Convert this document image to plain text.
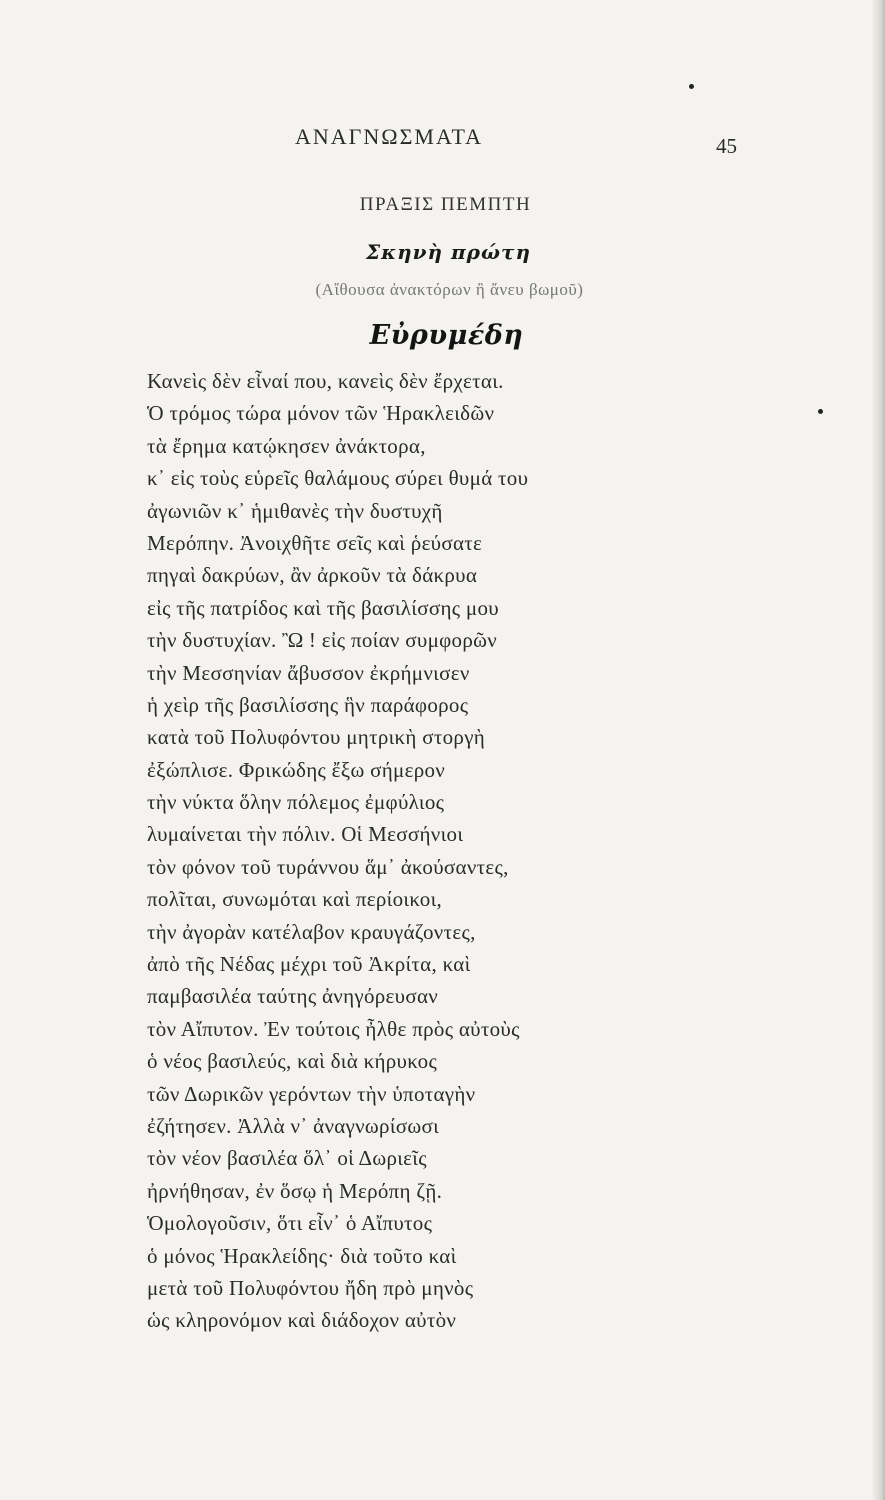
ΑΝΑΓΝΩΣΜΑΤΑ	45
ΠΡΑΞΙΣ ΠΕΜΠΤΗ
Σκηνὴ πρώτη
(Αἴθουσα ἀνακτόρων ἢ ἄνευ βωμοῦ)
Εὐρυμέδη
Κανεὶς δὲν εἶναί που, κανεὶς δὲν ἔρχεται.
Ὁ τρόμος τώρα μόνον τῶν Ἡρακλειδῶν
τὰ ἔρημα κατῴκησεν ἀνάκτορα,
κ᾿ εἰς τοὺς εὑρεῖς θαλάμους σύρει θυμά του
ἀγωνιῶν κ᾿ ἡμιθανὲς τὴν δυστυχῆ
Μερόπην. Ἀνοιχθῆτε σεῖς καὶ ῥεύσατε
πηγαὶ δακρύων, ἂν ἀρκοῦν τὰ δάκρυα
εἰς τῆς πατρίδος καὶ τῆς βασιλίσσης μου
τὴν δυστυχίαν. Ὢ ! εἰς ποίαν συμφορῶν
τὴν Μεσσηνίαν ἄβυσσον ἐκρήμνισεν
ἡ χεὶρ τῆς βασιλίσσης ἣν παράφορος
κατὰ τοῦ Πολυφόντου μητρικὴ στοργὴ
ἐξώπλισε. Φρικώδης ἔξω σήμερον
τὴν νύκτα ὅλην πόλεμος ἐμφύλιος
λυμαίνεται τὴν πόλιν. Οἱ Μεσσήνιοι
τὸν φόνον τοῦ τυράννου ἅμ᾿ ἀκούσαντες,
πολῖται, συνωμόται καὶ περίοικοι,
τὴν ἀγορὰν κατέλαβον κραυγάζοντες,
ἀπὸ τῆς Νέδας μέχρι τοῦ Ἀκρίτα, καὶ
παμβασιλέα ταύτης ἀνηγόρευσαν
τὸν Αἴπυτον. Ἐν τούτοις ἦλθε πρὸς αὐτοὺς
ὁ νέος βασιλεύς, καὶ διὰ κήρυκος
τῶν Δωρικῶν γερόντων τὴν ὑποταγὴν
ἐζήτησεν. Ἀλλὰ ν᾿ ἀναγνωρίσωσι
τὸν νέον βασιλέα ὅλ᾿ οἱ Δωριεῖς
ἠρνήθησαν, ἐν ὅσῳ ἡ Μερόπη ζῇ.
Ὁμολογοῦσιν, ὅτι εἶν᾿ ὁ Αἴπυτος
ὁ μόνος Ἡρακλείδης· διὰ τοῦτο καὶ
μετὰ τοῦ Πολυφόντου ἤδη πρὸ μηνὸς
ὡς κληρονόμον καὶ διάδοχον αὐτὸν
